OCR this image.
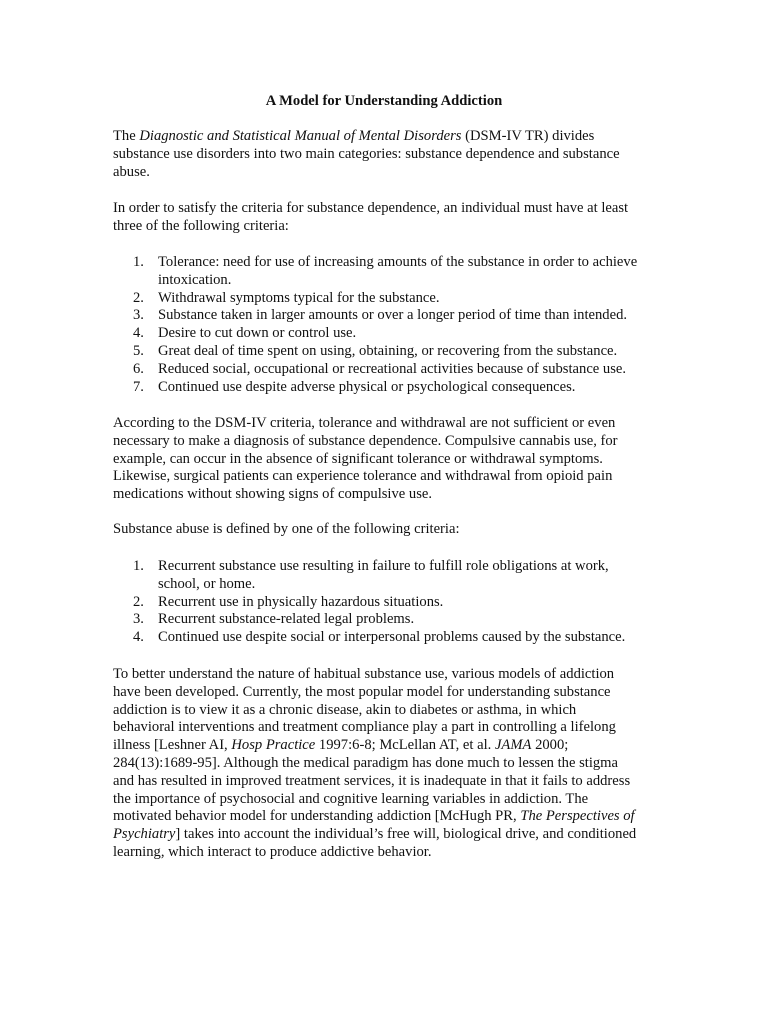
A Model for Understanding Addiction
The Diagnostic and Statistical Manual of Mental Disorders (DSM-IV TR) divides
substance use disorders into two main categories: substance dependence and substance
abuse.
In order to satisfy the criteria for substance dependence, an individual must have at least
three of the following criteria:
1. Tolerance: need for use of increasing amounts of the substance in order to achieve
intoxication.
2. Withdrawal symptoms typical for the substance.
3. Substance taken in larger amounts or over a longer period of time than intended.
4. Desire to cut down or control use.
5. Great deal of time spent on using, obtaining, or recovering from the substance.
6. Reduced social, occupational or recreational activities because of substance use.
7. Continued use despite adverse physical or psychological consequences.
According to the DSM-IV criteria, tolerance and withdrawal are not sufficient or even
necessary to make a diagnosis of substance dependence. Compulsive cannabis use, for
example, can occur in the absence of significant tolerance or withdrawal symptoms.
Likewise, surgical patients can experience tolerance and withdrawal from opioid pain
medications without showing signs of compulsive use.
Substance abuse is defined by one of the following criteria:
1. Recurrent substance use resulting in failure to fulfill role obligations at work,
school, or home.
2. Recurrent use in physically hazardous situations.
3. Recurrent substance-related legal problems.
4. Continued use despite social or interpersonal problems caused by the substance.
To better understand the nature of habitual substance use, various models of addiction
have been developed. Currently, the most popular model for understanding substance
addiction is to view it as a chronic disease, akin to diabetes or asthma, in which
behavioral interventions and treatment compliance play a part in controlling a lifelong
illness [Leshner AI, Hosp Practice 1997:6-8; McLellan AT, et al. JAMA 2000;
284(13):1689-95]. Although the medical paradigm has done much to lessen the stigma
and has resulted in improved treatment services, it is inadequate in that it fails to address
the importance of psychosocial and cognitive learning variables in addiction. The
motivated behavior model for understanding addiction [McHugh PR, The Perspectives of
Psychiatry] takes into account the individual’s free will, biological drive, and conditioned
learning, which interact to produce addictive behavior.
